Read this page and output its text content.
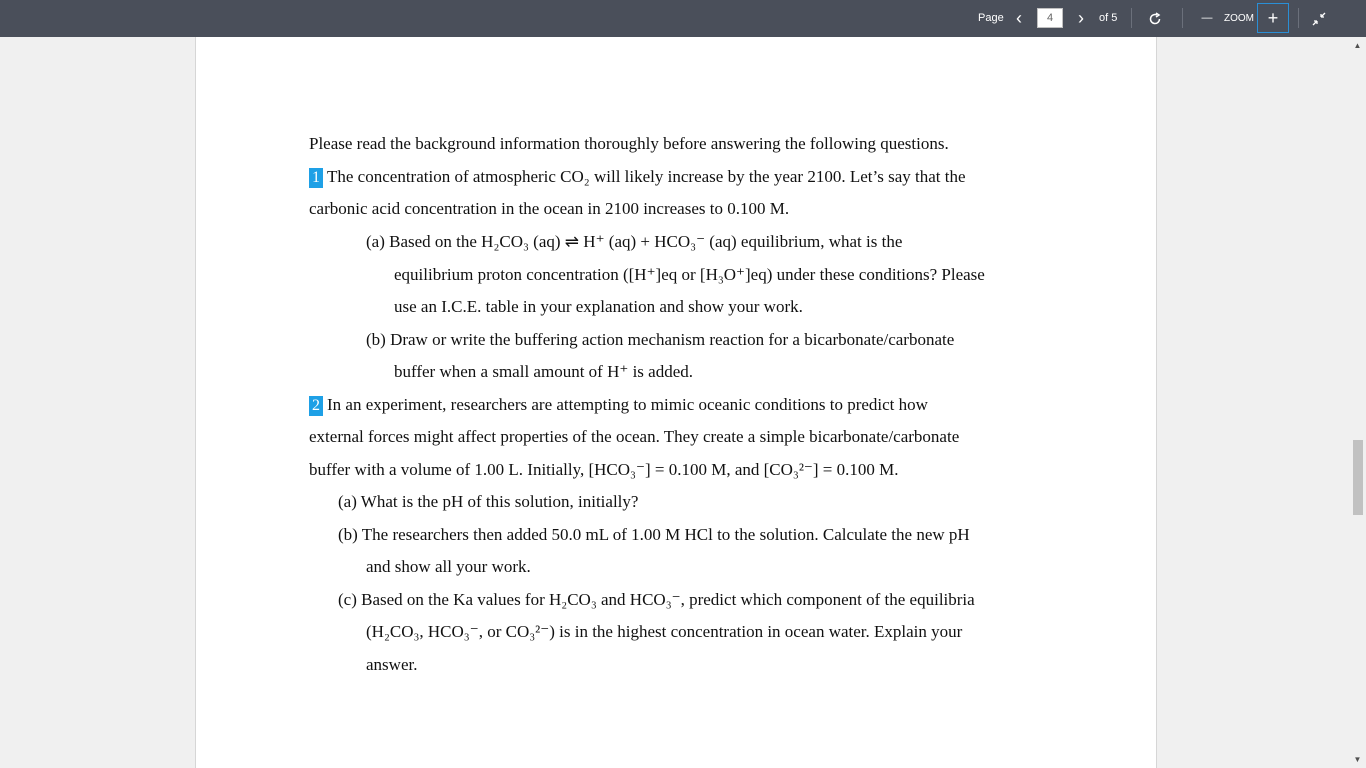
Page ‹
4	›	of 5	— ZOOM +
Please read the background information thoroughly before answering the following questions.
1 The concentration of atmospheric CO₂ will likely increase by the year 2100. Let’s say that the
carbonic acid concentration in the ocean in 2100 increases to 0.100 M.
(a) Based on the H₂CO₃ (aq) ⇌ H⁺ (aq) + HCO₃⁻ (aq) equilibrium, what is the
equilibrium proton concentration ([H⁺]eq or [H₃O⁺]eq) under these conditions? Please
use an I.C.E. table in your explanation and show your work.
(b) Draw or write the buffering action mechanism reaction for a bicarbonate/carbonate
buffer when a small amount of H⁺ is added.
2 In an experiment, researchers are attempting to mimic oceanic conditions to predict how
external forces might affect properties of the ocean. They create a simple bicarbonate/carbonate
buffer with a volume of 1.00 L. Initially, [HCO₃⁻] = 0.100 M, and [CO₃²⁻] = 0.100 M.
(a) What is the pH of this solution, initially?
(b) The researchers then added 50.0 mL of 1.00 M HCl to the solution. Calculate the new pH
and show all your work.
(c) Based on the Ka values for H₂CO₃ and HCO₃⁻, predict which component of the equilibria
(H₂CO₃, HCO₃⁻, or CO₃²⁻) is in the highest concentration in ocean water. Explain your
answer.
▲
▼
